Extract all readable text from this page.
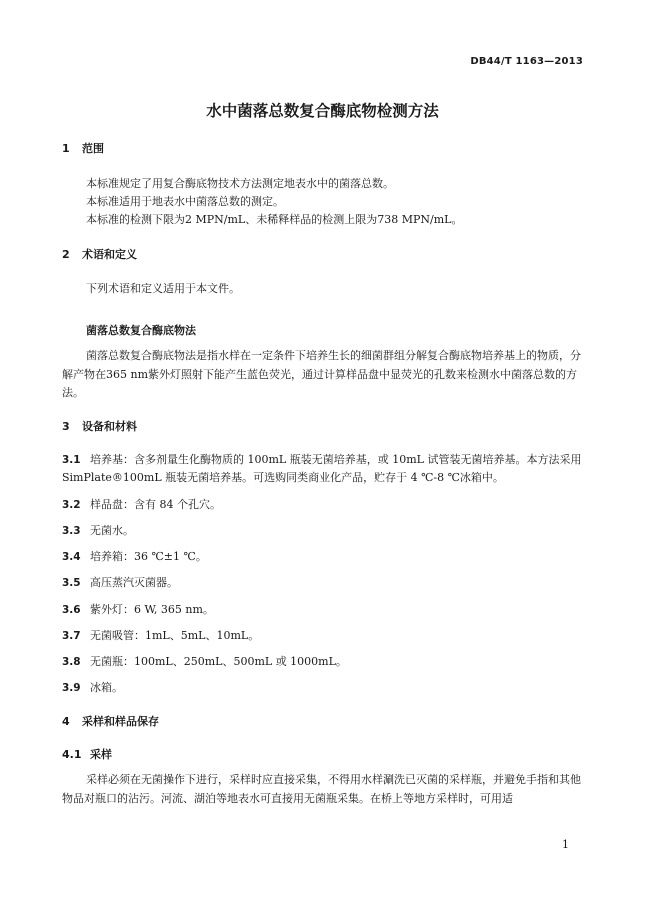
DB44/T 1163—2013
水中菌落总数复合酶底物检测方法
1 范围
本标准规定了用复合酶底物技术方法测定地表水中的菌落总数。
本标准适用于地表水中菌落总数的测定。
本标准的检测下限为2 MPN/mL、未稀释样品的检测上限为738 MPN/mL。
2 术语和定义
下列术语和定义适用于本文件。
菌落总数复合酶底物法
菌落总数复合酶底物法是指水样在一定条件下培养生长的细菌群组分解复合酶底物培养基上的物质，分解产物在365 nm紫外灯照射下能产生蓝色荧光，通过计算样品盘中显荧光的孔数来检测水中菌落总数的方法。
3 设备和材料
3.1 培养基：含多剂量生化酶物质的 100mL 瓶装无菌培养基，或 10mL 试管装无菌培养基。本方法采用 SimPlate®100mL 瓶装无菌培养基。可选购同类商业化产品，贮存于 4 ℃-8 ℃冰箱中。
3.2 样品盘：含有 84 个孔穴。
3.3 无菌水。
3.4 培养箱：36 ℃±1 ℃。
3.5 高压蒸汽灭菌器。
3.6 紫外灯：6 W, 365 nm。
3.7 无菌吸管：1mL、5mL、10mL。
3.8 无菌瓶：100mL、250mL、500mL 或 1000mL。
3.9 冰箱。
4 采样和样品保存
4.1 采样
采样必须在无菌操作下进行，采样时应直接采集，不得用水样涮洗已灭菌的采样瓶，并避免手指和其他物品对瓶口的沾污。河流、湖泊等地表水可直接用无菌瓶采集。在桥上等地方采样时，可用适
1
